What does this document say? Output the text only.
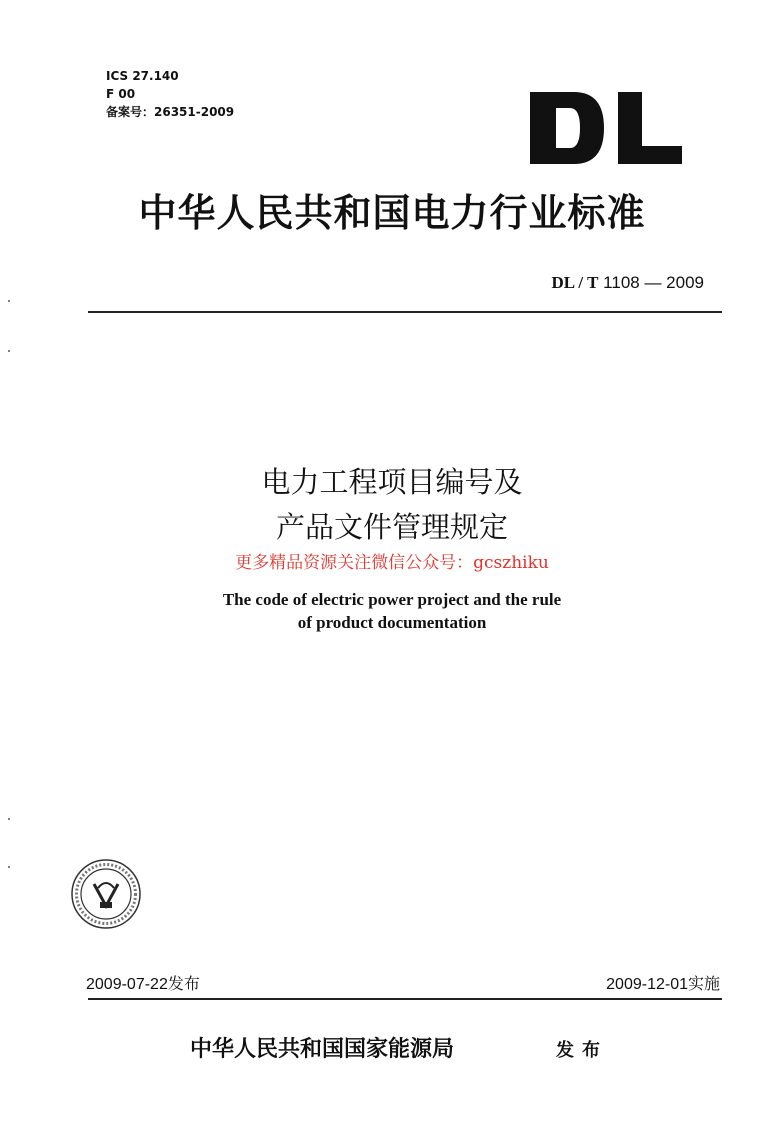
ICS 27.140
F 00
备案号：26351-2009
中华人民共和国电力行业标准
DL / T 1108 — 2009
电力工程项目编号及
产品文件管理规定
更多精品资源关注微信公众号：gcszhiku
The code of electric power project and the rule
of product documentation
2009-07-22发布	2009-12-01实施
中华人民共和国国家能源局	发布
